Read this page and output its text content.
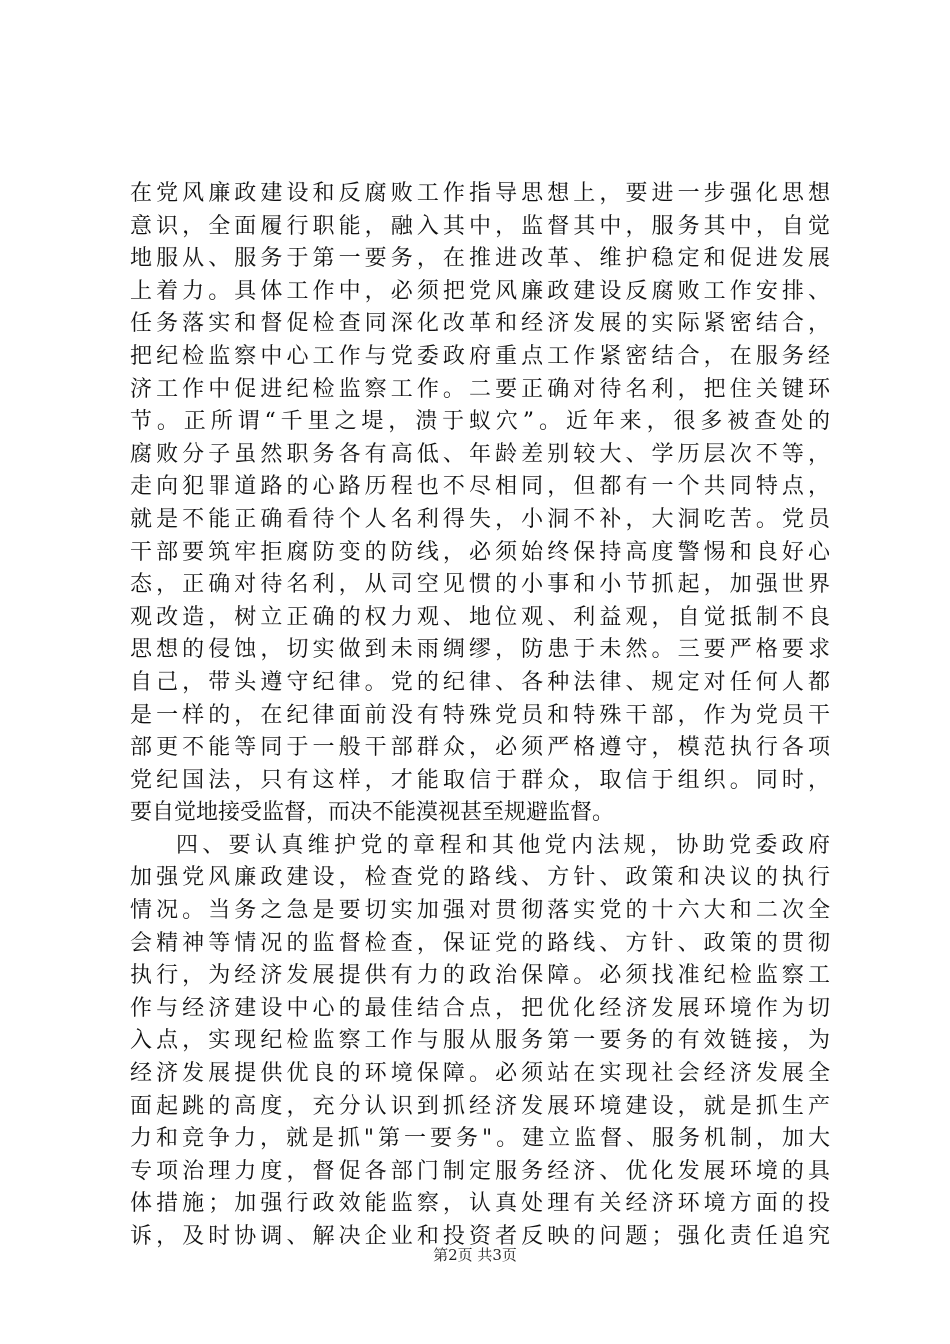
在党风廉政建设和反腐败工作指导思想上，要进一步强化思想
意识，全面履行职能，融入其中，监督其中，服务其中，自觉
地服从、服务于第一要务，在推进改革、维护稳定和促进发展
上着力。具体工作中，必须把党风廉政建设反腐败工作安排、
任务落实和督促检查同深化改革和经济发展的实际紧密结合，
把纪检监察中心工作与党委政府重点工作紧密结合，在服务经
济工作中促进纪检监察工作。二要正确对待名利，把住关键环
节。正所谓“千里之堤，溃于蚁穴”。近年来，很多被查处的
腐败分子虽然职务各有高低、年龄差别较大、学历层次不等，
走向犯罪道路的心路历程也不尽相同，但都有一个共同特点，
就是不能正确看待个人名利得失，小洞不补，大洞吃苦。党员
干部要筑牢拒腐防变的防线，必须始终保持高度警惕和良好心
态，正确对待名利，从司空见惯的小事和小节抓起，加强世界
观改造，树立正确的权力观、地位观、利益观，自觉抵制不良
思想的侵蚀，切实做到未雨绸缪，防患于未然。三要严格要求
自己，带头遵守纪律。党的纪律、各种法律、规定对任何人都
是一样的，在纪律面前没有特殊党员和特殊干部，作为党员干
部更不能等同于一般干部群众，必须严格遵守，模范执行各项
党纪国法，只有这样，才能取信于群众，取信于组织。同时，
要自觉地接受监督，而决不能漠视甚至规避监督。
四、要认真维护党的章程和其他党内法规，协助党委政府
加强党风廉政建设，检查党的路线、方针、政策和决议的执行
情况。当务之急是要切实加强对贯彻落实党的十六大和二次全
会精神等情况的监督检查，保证党的路线、方针、政策的贯彻
执行，为经济发展提供有力的政治保障。必须找准纪检监察工
作与经济建设中心的最佳结合点，把优化经济发展环境作为切
入点，实现纪检监察工作与服从服务第一要务的有效链接，为
经济发展提供优良的环境保障。必须站在实现社会经济发展全
面起跳的高度，充分认识到抓经济发展环境建设，就是抓生产
力和竞争力，就是抓"第一要务"。建立监督、服务机制，加大
专项治理力度，督促各部门制定服务经济、优化发展环境的具
体措施；加强行政效能监察，认真处理有关经济环境方面的投
诉，及时协调、解决企业和投资者反映的问题；强化责任追究
第2页 共3页
